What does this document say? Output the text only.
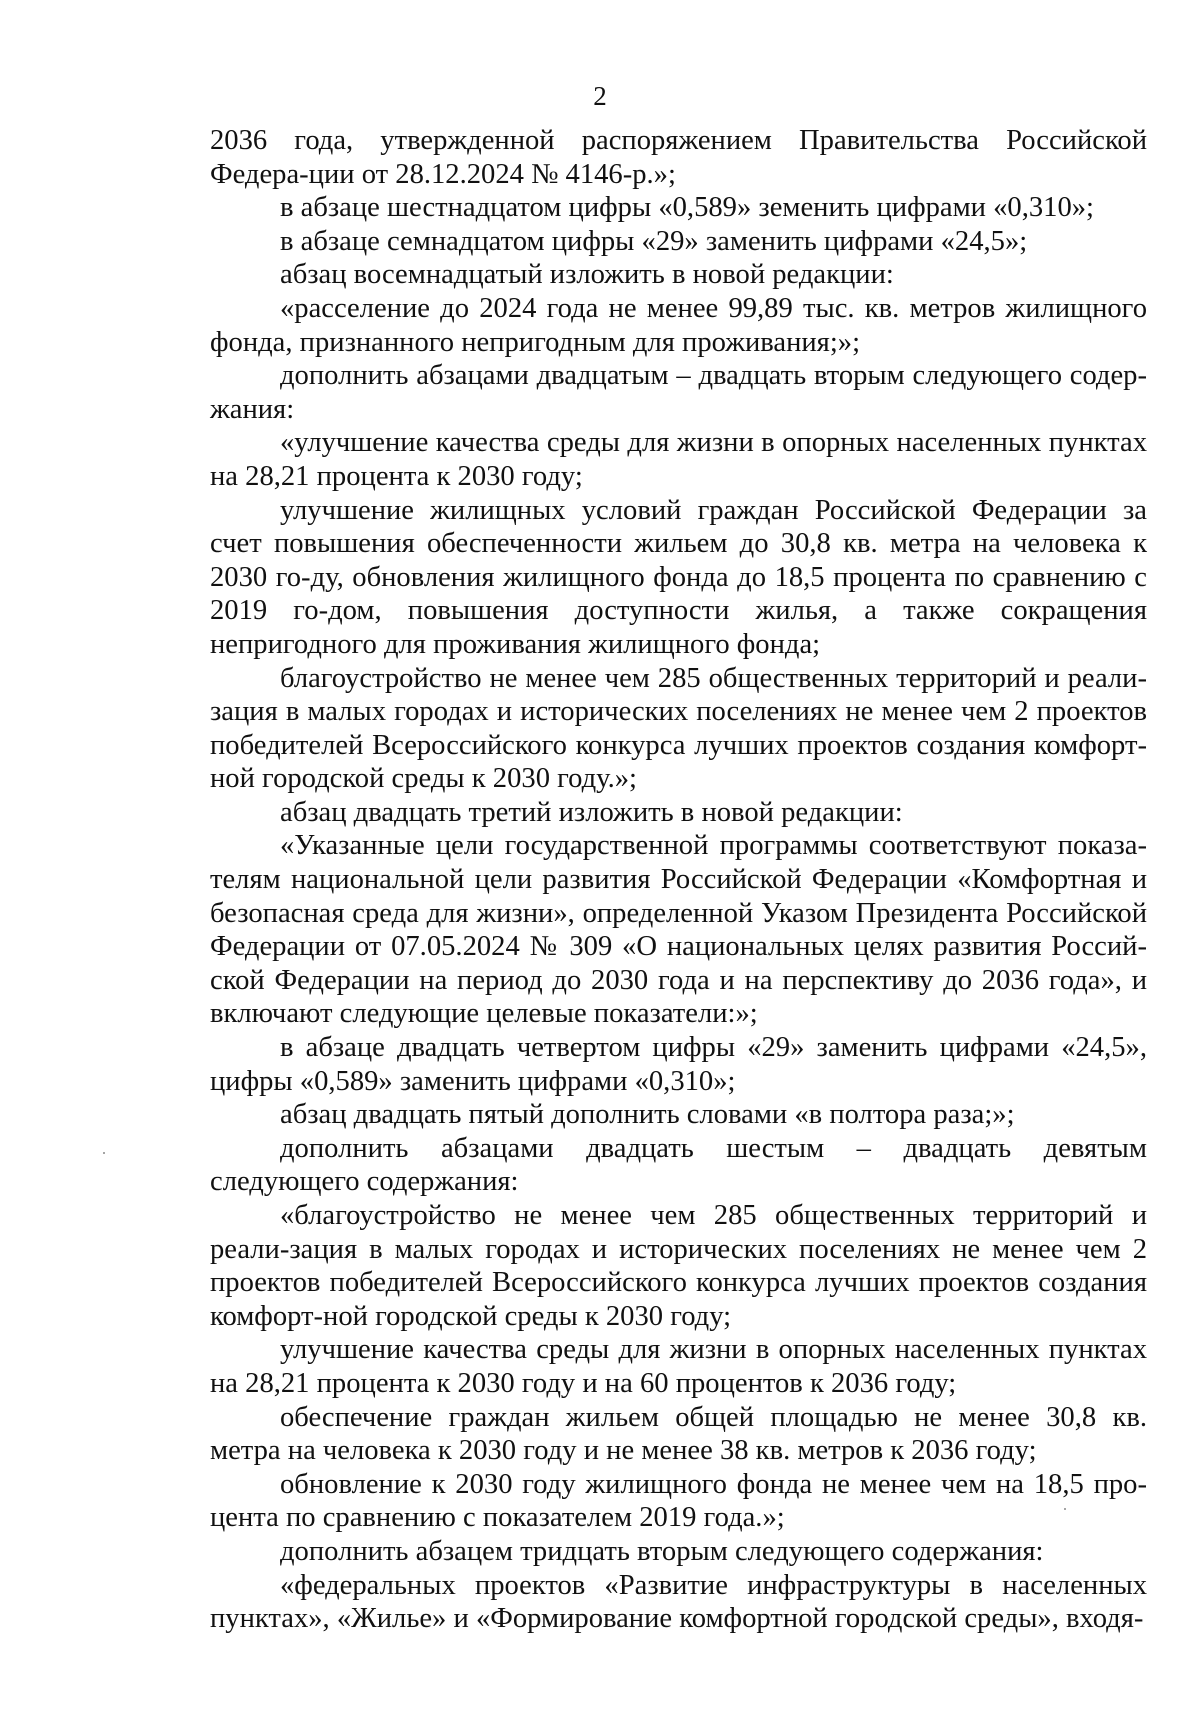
2

2036 года, утвержденной распоряжением Правительства Российской Федера-ции от 28.12.2024 № 4146-р.»;

в абзаце шестнадцатом цифры «0,589» земенить цифрами «0,310»;

в абзаце семнадцатом цифры «29» заменить цифрами «24,5»;

абзац восемнадцатый изложить в новой редакции:

«расселение до 2024 года не менее 99,89 тыс. кв. метров жилищного фонда, признанного непригодным для проживания;»;

дополнить абзацами двадцатым – двадцать вторым следующего содер-жания:

«улучшение качества среды для жизни в опорных населенных пунктах на 28,21 процента к 2030 году;

улучшение жилищных условий граждан Российской Федерации за счет повышения обеспеченности жильем до 30,8 кв. метра на человека к 2030 го-ду, обновления жилищного фонда до 18,5 процента по сравнению с 2019 го-дом, повышения доступности жилья, а также сокращения непригодного для проживания жилищного фонда;

благоустройство не менее чем 285 общественных территорий и реали-зация в малых городах и исторических поселениях не менее чем 2 проектов победителей Всероссийского конкурса лучших проектов создания комфорт-ной городской среды к 2030 году.»;

абзац двадцать третий изложить в новой редакции:

«Указанные цели государственной программы соответствуют показа-телям национальной цели развития Российской Федерации «Комфортная и безопасная среда для жизни», определенной Указом Президента Российской Федерации от 07.05.2024 № 309 «О национальных целях развития Россий-ской Федерации на период до 2030 года и на перспективу до 2036 года», и включают следующие целевые показатели:»;

в абзаце двадцать четвертом цифры «29» заменить цифрами «24,5», цифры «0,589» заменить цифрами «0,310»;

абзац двадцать пятый дополнить словами «в полтора раза;»;

дополнить абзацами двадцать шестым – двадцать девятым следующего содержания:

«благоустройство не менее чем 285 общественных территорий и реали-зация в малых городах и исторических поселениях не менее чем 2 проектов победителей Всероссийского конкурса лучших проектов создания комфорт-ной городской среды к 2030 году;

улучшение качества среды для жизни в опорных населенных пунктах на 28,21 процента к 2030 году и на 60 процентов к 2036 году;

обеспечение граждан жильем общей площадью не менее 30,8 кв. метра на человека к 2030 году и не менее 38 кв. метров к 2036 году;

обновление к 2030 году жилищного фонда не менее чем на 18,5 про-цента по сравнению с показателем 2019 года.»;

дополнить абзацем тридцать вторым следующего содержания:

«федеральных проектов «Развитие инфраструктуры в населенных пунктах», «Жилье» и «Формирование комфортной городской среды», входя-
